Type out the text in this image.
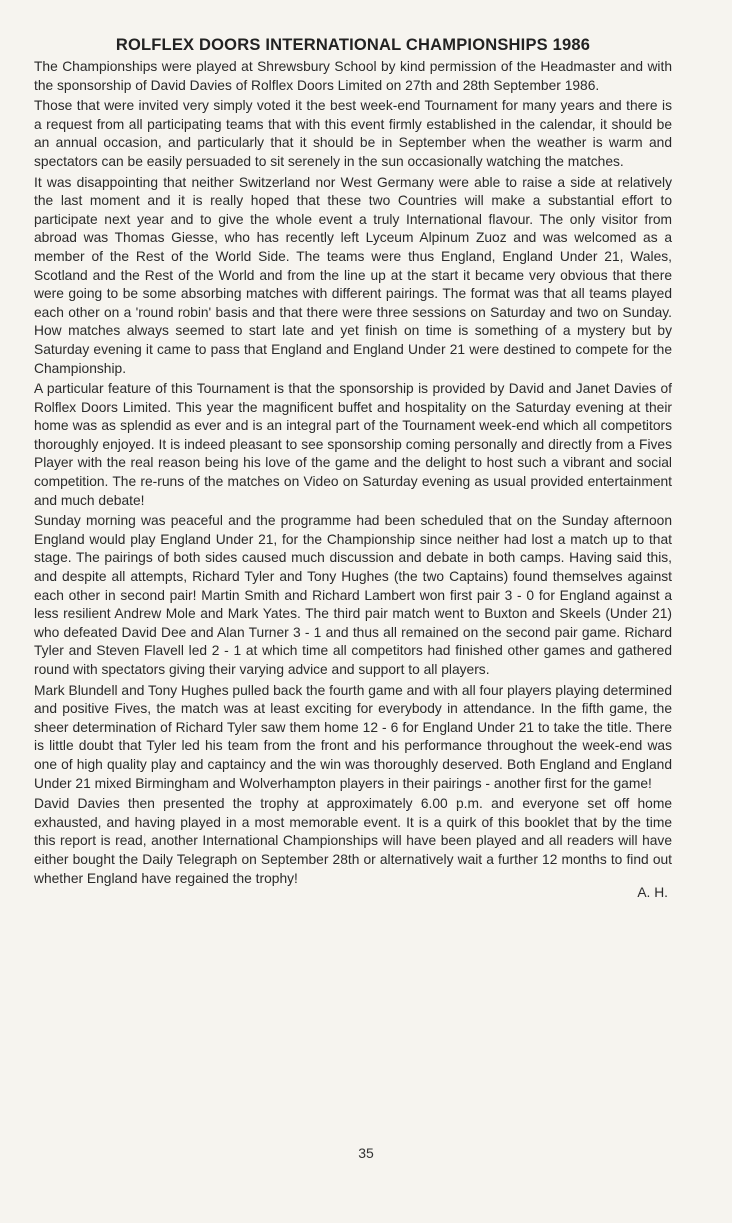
ROLFLEX DOORS INTERNATIONAL CHAMPIONSHIPS 1986

The Championships were played at Shrewsbury School by kind permission of the Headmaster and with the sponsorship of David Davies of Rolflex Doors Limited on 27th and 28th September 1986.

Those that were invited very simply voted it the best week-end Tournament for many years and there is a request from all participating teams that with this event firmly established in the calendar, it should be an annual occasion, and particularly that it should be in September when the weather is warm and spectators can be easily persuaded to sit serenely in the sun occasionally watching the matches.

It was disappointing that neither Switzerland nor West Germany were able to raise a side at relatively the last moment and it is really hoped that these two Countries will make a substantial effort to participate next year and to give the whole event a truly International flavour. The only visitor from abroad was Thomas Giesse, who has recently left Lyceum Alpinum Zuoz and was welcomed as a member of the Rest of the World Side. The teams were thus England, England Under 21, Wales, Scotland and the Rest of the World and from the line up at the start it became very obvious that there were going to be some absorbing matches with different pairings. The format was that all teams played each other on a 'round robin' basis and that there were three sessions on Saturday and two on Sunday. How matches always seemed to start late and yet finish on time is something of a mystery but by Saturday evening it came to pass that England and England Under 21 were destined to compete for the Championship.

A particular feature of this Tournament is that the sponsorship is provided by David and Janet Davies of Rolflex Doors Limited. This year the magnificent buffet and hospitality on the Saturday evening at their home was as splendid as ever and is an integral part of the Tournament week-end which all competitors thoroughly enjoyed. It is indeed pleasant to see sponsorship coming personally and directly from a Fives Player with the real reason being his love of the game and the delight to host such a vibrant and social competition. The re-runs of the matches on Video on Saturday evening as usual provided entertainment and much debate!

Sunday morning was peaceful and the programme had been scheduled that on the Sunday afternoon England would play England Under 21, for the Championship since neither had lost a match up to that stage. The pairings of both sides caused much discussion and debate in both camps. Having said this, and despite all attempts, Richard Tyler and Tony Hughes (the two Captains) found themselves against each other in second pair! Martin Smith and Richard Lambert won first pair 3 - 0 for England against a less resilient Andrew Mole and Mark Yates. The third pair match went to Buxton and Skeels (Under 21) who defeated David Dee and Alan Turner 3 - 1 and thus all remained on the second pair game. Richard Tyler and Steven Flavell led 2 - 1 at which time all competitors had finished other games and gathered round with spectators giving their varying advice and support to all players.

Mark Blundell and Tony Hughes pulled back the fourth game and with all four players playing determined and positive Fives, the match was at least exciting for everybody in attendance. In the fifth game, the sheer determination of Richard Tyler saw them home 12 - 6 for England Under 21 to take the title. There is little doubt that Tyler led his team from the front and his performance throughout the week-end was one of high quality play and captaincy and the win was thoroughly deserved. Both England and England Under 21 mixed Birmingham and Wolverhampton players in their pairings - another first for the game!

David Davies then presented the trophy at approximately 6.00 p.m. and everyone set off home exhausted, and having played in a most memorable event. It is a quirk of this booklet that by the time this report is read, another International Championships will have been played and all readers will have either bought the Daily Telegraph on September 28th or alternatively wait a further 12 months to find out whether England have regained the trophy!

A. H.
35
